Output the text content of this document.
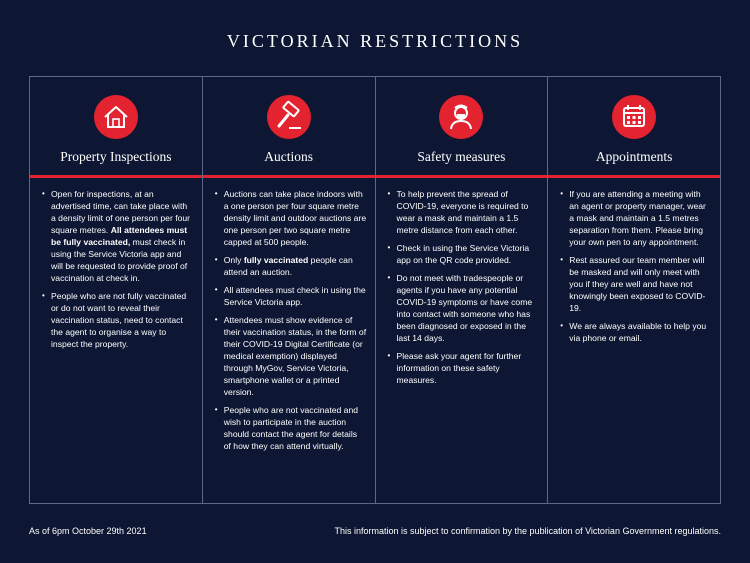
VICTORIAN RESTRICTIONS
Property Inspections
• Open for inspections, at an advertised time, can take place with a density limit of one person per four square metres. All attendees must be fully vaccinated, must check in using the Service Victoria app and will be requested to provide proof of vaccination at check in.
• People who are not fully vaccinated or do not want to reveal their vaccination status, need to contact the agent to organise a way to inspect the property.
Auctions
• Auctions can take place indoors with a one person per four square metre density limit and outdoor auctions are one person per two square metre capped at 500 people.
• Only fully vaccinated people can attend an auction.
• All attendees must check in using the Service Victoria app.
• Attendees must show evidence of their vaccination status, in the form of their COVID-19 Digital Certificate (or medical exemption) displayed through MyGov, Service Victoria, smartphone wallet or a printed version.
• People who are not vaccinated and wish to participate in the auction should contact the agent for details of how they can attend virtually.
Safety measures
• To help prevent the spread of COVID-19, everyone is required to wear a mask and maintain a 1.5 metre distance from each other.
• Check in using the Service Victoria app on the QR code provided.
• Do not meet with tradespeople or agents if you have any potential COVID-19 symptoms or have come into contact with someone who has been diagnosed or exposed in the last 14 days.
• Please ask your agent for further information on these safety measures.
Appointments
• If you are attending a meeting with an agent or property manager, wear a mask and maintain a 1.5 metres separation from them. Please bring your own pen to any appointment.
• Rest assured our team member will be masked and will only meet with you if they are well and have not knowingly been exposed to COVID-19.
• We are always available to help you via phone or email.
As of 6pm October 29th 2021	This information is subject to confirmation by the publication of Victorian Government regulations.
